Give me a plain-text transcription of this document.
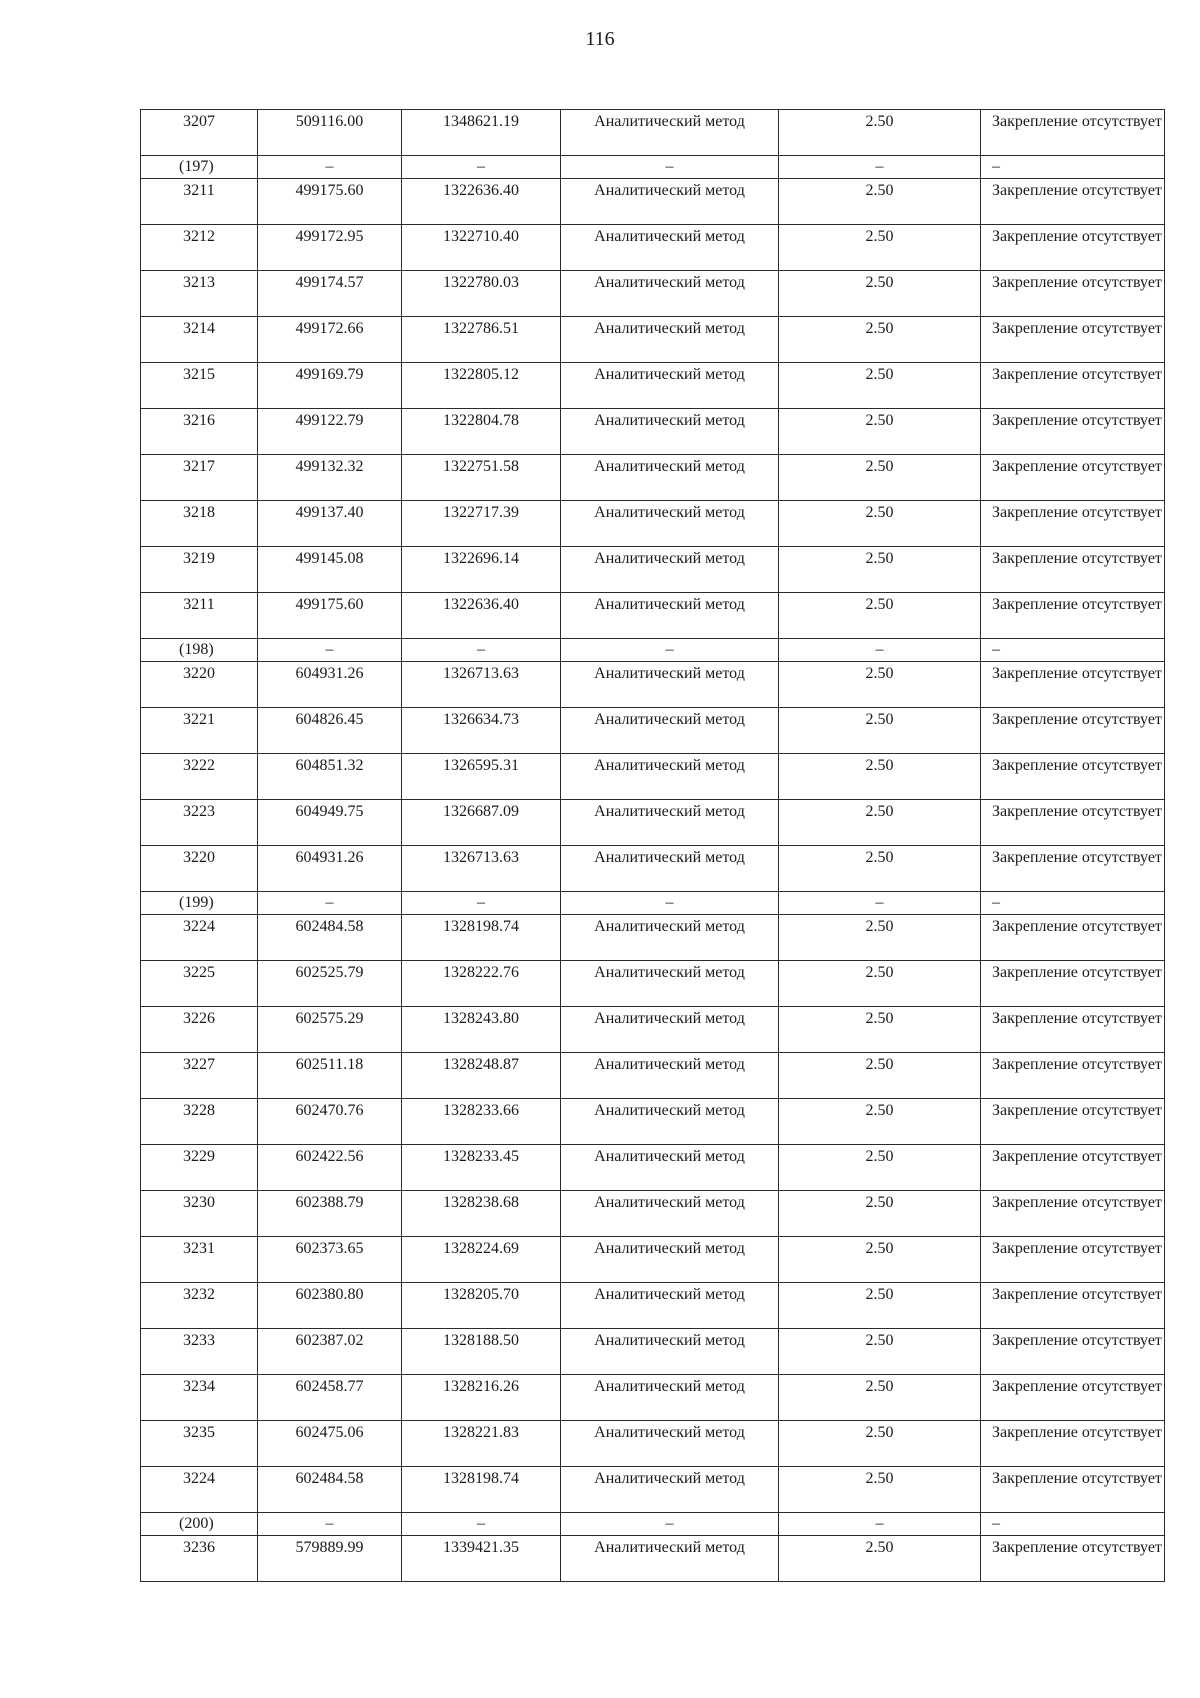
116
3207	509116.00	1348621.19	Аналитический метод	2.50	Закрепление отсутствует
(197)	–	–	–	–	–
3211	499175.60	1322636.40	Аналитический метод	2.50	Закрепление отсутствует
3212	499172.95	1322710.40	Аналитический метод	2.50	Закрепление отсутствует
3213	499174.57	1322780.03	Аналитический метод	2.50	Закрепление отсутствует
3214	499172.66	1322786.51	Аналитический метод	2.50	Закрепление отсутствует
3215	499169.79	1322805.12	Аналитический метод	2.50	Закрепление отсутствует
3216	499122.79	1322804.78	Аналитический метод	2.50	Закрепление отсутствует
3217	499132.32	1322751.58	Аналитический метод	2.50	Закрепление отсутствует
3218	499137.40	1322717.39	Аналитический метод	2.50	Закрепление отсутствует
3219	499145.08	1322696.14	Аналитический метод	2.50	Закрепление отсутствует
3211	499175.60	1322636.40	Аналитический метод	2.50	Закрепление отсутствует
(198)	–	–	–	–	–
3220	604931.26	1326713.63	Аналитический метод	2.50	Закрепление отсутствует
3221	604826.45	1326634.73	Аналитический метод	2.50	Закрепление отсутствует
3222	604851.32	1326595.31	Аналитический метод	2.50	Закрепление отсутствует
3223	604949.75	1326687.09	Аналитический метод	2.50	Закрепление отсутствует
3220	604931.26	1326713.63	Аналитический метод	2.50	Закрепление отсутствует
(199)	–	–	–	–	–
3224	602484.58	1328198.74	Аналитический метод	2.50	Закрепление отсутствует
3225	602525.79	1328222.76	Аналитический метод	2.50	Закрепление отсутствует
3226	602575.29	1328243.80	Аналитический метод	2.50	Закрепление отсутствует
3227	602511.18	1328248.87	Аналитический метод	2.50	Закрепление отсутствует
3228	602470.76	1328233.66	Аналитический метод	2.50	Закрепление отсутствует
3229	602422.56	1328233.45	Аналитический метод	2.50	Закрепление отсутствует
3230	602388.79	1328238.68	Аналитический метод	2.50	Закрепление отсутствует
3231	602373.65	1328224.69	Аналитический метод	2.50	Закрепление отсутствует
3232	602380.80	1328205.70	Аналитический метод	2.50	Закрепление отсутствует
3233	602387.02	1328188.50	Аналитический метод	2.50	Закрепление отсутствует
3234	602458.77	1328216.26	Аналитический метод	2.50	Закрепление отсутствует
3235	602475.06	1328221.83	Аналитический метод	2.50	Закрепление отсутствует
3224	602484.58	1328198.74	Аналитический метод	2.50	Закрепление отсутствует
(200)	–	–	–	–	–
3236	579889.99	1339421.35	Аналитический метод	2.50	Закрепление отсутствует
